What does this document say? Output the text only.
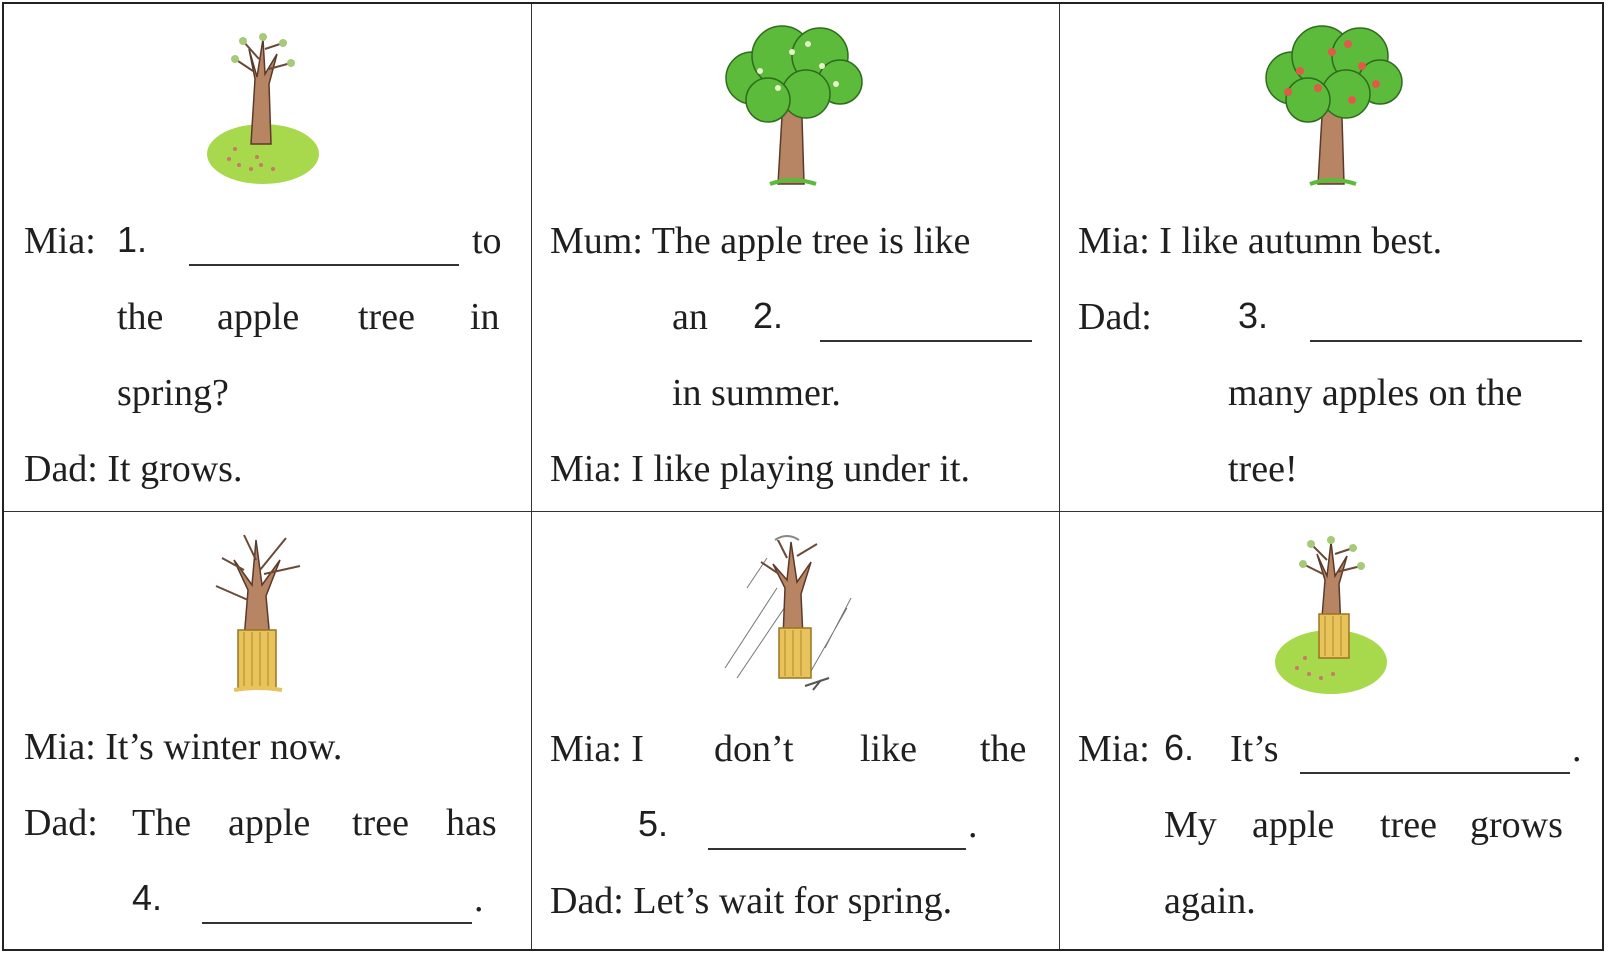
Mia: 1.	to
the apple tree in
spring?
Dad: It grows.
Mum: The apple tree is like
an 2.
in summer.
Mia: I like playing under it.
Mia: I like autumn best.
Dad: 3.
many apples on the
tree!
Mia: It’s winter now.
Dad: The apple tree has
4.	.
Mia: I don’t like the
5.	.
Dad: Let’s wait for spring.
Mia: 6. It’s	.
My apple tree grows
again.
